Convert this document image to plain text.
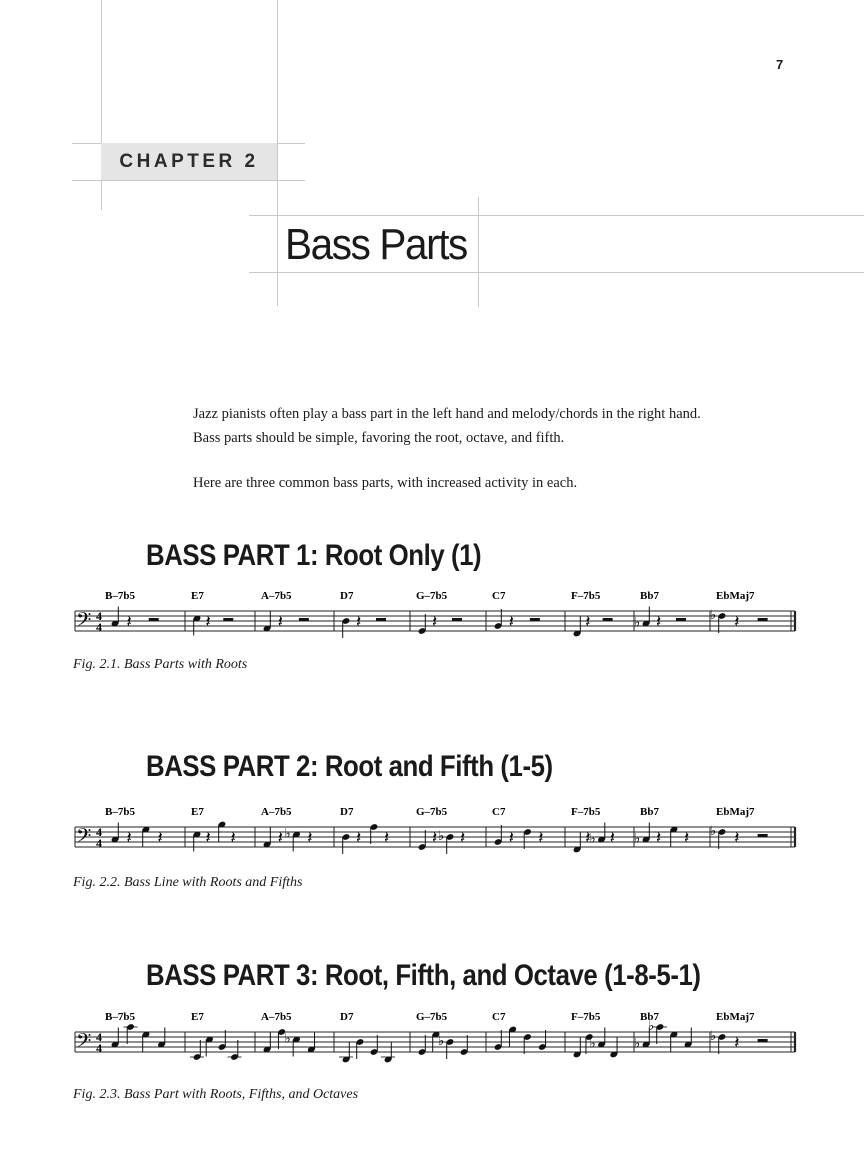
7
CHAPTER 2
Bass Parts

Jazz pianists often play a bass part in the left hand and melody/chords in the right hand. Bass parts should be simple, favoring the root, octave, and fifth.

Here are three common bass parts, with increased activity in each.

BASS PART 1: Root Only (1)
𝄢 4
4
B–7b5
𝄽
E7
𝄽
A–7b5
𝄽
D7
𝄽
G–7b5
𝄽
C7
𝄽
F–7b5
𝄽
Bb7
♭ 𝄽
EbMaj7
♭ 𝄽
Fig. 2.1. Bass Parts with Roots
BASS PART 2: Root and Fifth (1-5)
𝄢 4
4
B–7b5
𝄽 𝄽
E7
𝄽 𝄽
A–7b5
𝄽 ♭ 𝄽
D7
𝄽 𝄽
G–7b5
𝄽 ♭ 𝄽
C7
𝄽 𝄽
F–7b5
𝄽 ♭ 𝄽
Bb7
♭ 𝄽 𝄽
EbMaj7
♭ 𝄽
Fig. 2.2. Bass Line with Roots and Fifths
BASS PART 3: Root, Fifth, and Octave (1-8-5-1)
𝄢 4
4
B–7b5	E7	A–7b5
♭
D7	G–7b5
♭
C7	F–7b5
♭
Bb7
♭
♭
EbMaj7
♭ 𝄽
Fig. 2.3. Bass Part with Roots, Fifths, and Octaves
